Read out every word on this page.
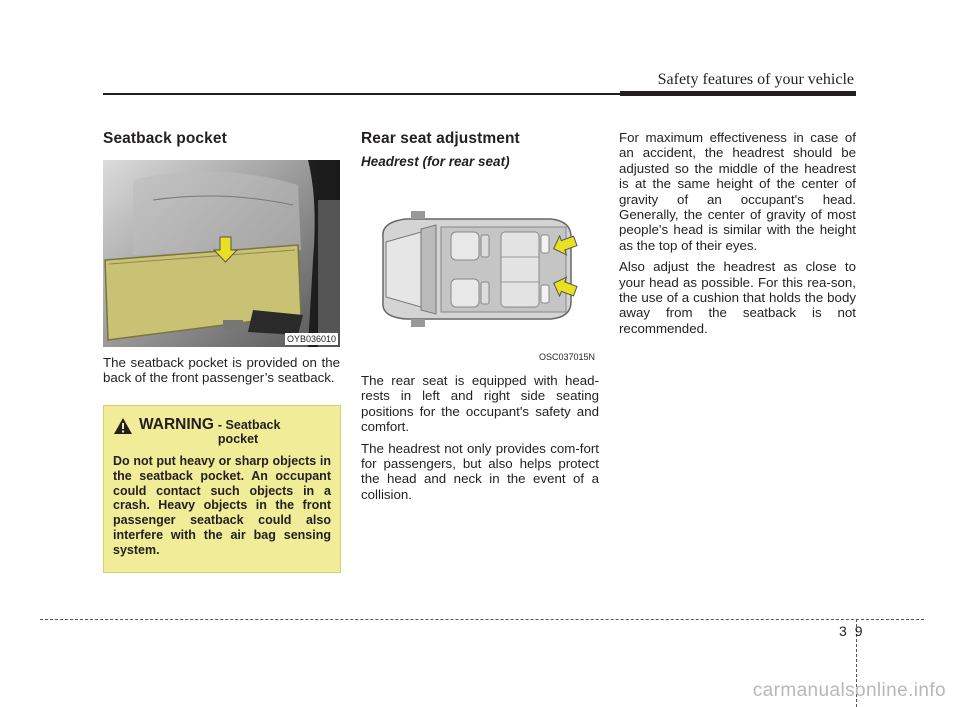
Safety features of your vehicle
Seatback pocket
OYB036010

The seatback pocket is provided on the back of the front passenger’s seatback.

WARNING - Seatback pocket
Do not put heavy or sharp objects in the seatback pocket. An occupant could contact such objects in a crash. Heavy objects in the front passenger seatback could also interfere with the air bag sensing system.
Rear seat adjustment
Headrest (for rear seat)
OSC037015N

The rear seat is equipped with head-rests in left and right side seating positions for the occupant's safety and comfort.

The headrest not only provides com-fort for passengers, but also helps protect the head and neck in the event of a collision.

For maximum effectiveness in case of an accident, the headrest should be adjusted so the middle of the headrest is at the same height of the center of gravity of an occupant's head. Generally, the center of gravity of most people's head is similar with the height as the top of their eyes.

Also adjust the headrest as close to your head as possible. For this rea-son, the use of a cushion that holds the body away from the seatback is not recommended.

39
carmanualsonline.info
